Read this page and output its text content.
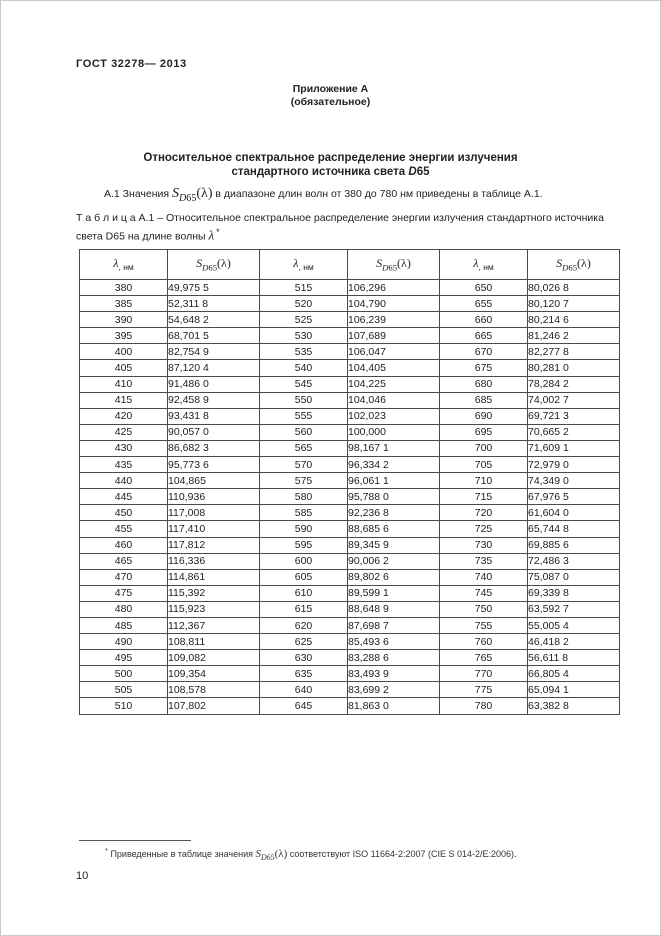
ГОСТ 32278— 2013
Приложение А
(обязательное)
Относительное спектральное распределение энергии излучения
стандартного источника света D65

А.1 Значения $S_{D65}(\lambda)$ в диапазоне длин волн от 380 до 780 нм приведены в таблице А.1.

Т а б л и ц а А.1 – Относительное спектральное распределение энергии излучения стандартного источника света D65 на длине волны λ *

$\lambda_{, нм}$	$S_{D65}(\lambda)$	$\lambda_{, нм}$	$S_{D65}(\lambda)$	$\lambda_{, нм}$	$S_{D65}(\lambda)$
380	49,975 5	515	106,296	650	80,026 8
385	52,311 8	520	104,790	655	80,120 7
390	54,648 2	525	106,239	660	80,214 6
395	68,701 5	530	107,689	665	81,246 2
400	82,754 9	535	106,047	670	82,277 8
405	87,120 4	540	104,405	675	80,281 0
410	91,486 0	545	104,225	680	78,284 2
415	92,458 9	550	104,046	685	74,002 7
420	93,431 8	555	102,023	690	69,721 3
425	90,057 0	560	100,000	695	70,665 2
430	86,682 3	565	98,167 1	700	71,609 1
435	95,773 6	570	96,334 2	705	72,979 0
440	104,865	575	96,061 1	710	74,349 0
445	110,936	580	95,788 0	715	67,976 5
450	117,008	585	92,236 8	720	61,604 0
455	117,410	590	88,685 6	725	65,744 8
460	117,812	595	89,345 9	730	69,885 6
465	116,336	600	90,006 2	735	72,486 3
470	114,861	605	89,802 6	740	75,087 0
475	115,392	610	89,599 1	745	69,339 8
480	115,923	615	88,648 9	750	63,592 7
485	112,367	620	87,698 7	755	55,005 4
490	108,811	625	85,493 6	760	46,418 2
495	109,082	630	83,288 6	765	56,611 8
500	109,354	635	83,493 9	770	66,805 4
505	108,578	640	83,699 2	775	65,094 1
510	107,802	645	81,863 0	780	63,382 8

* Приведенные в таблице значения $S_{D65}(\lambda)$ соответствуют ISO 11664-2:2007 (CIE S 014-2/E:2006).

10
